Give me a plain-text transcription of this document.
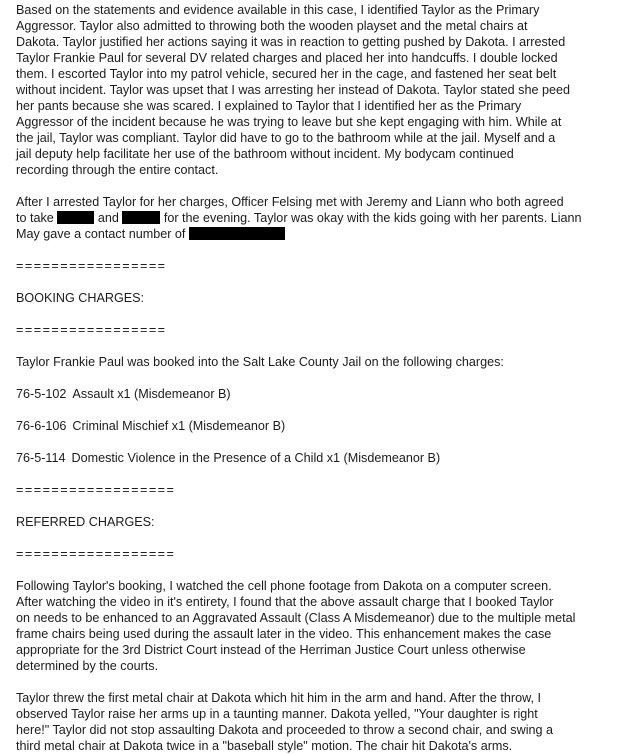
Based on the statements and evidence available in this case, I identified Taylor as the Primary
Aggressor. Taylor also admitted to throwing both the wooden playset and the metal chairs at
Dakota. Taylor justified her actions saying it was in reaction to getting pushed by Dakota. I arrested
Taylor Frankie Paul for several DV related charges and placed her into handcuffs. I double locked
them. I escorted Taylor into my patrol vehicle, secured her in the cage, and fastened her seat belt
without incident. Taylor was upset that I was arresting her instead of Dakota. Taylor stated she peed
her pants because she was scared. I explained to Taylor that I identified her as the Primary
Aggressor of the incident because he was trying to leave but she kept engaging with him. While at
the jail, Taylor was compliant. Taylor did have to go to the bathroom while at the jail. Myself and a
jail deputy help facilitate her use of the bathroom without incident. My bodycam continued
recording through the entire contact.
After I arrested Taylor for her charges, Officer Felsing met with Jeremy and Liann who both agreed
to take	and	for the evening. Taylor was okay with the kids going with her parents. Liann
May gave a contact number of
=================
BOOKING CHARGES:
=================
Taylor Frankie Paul was booked into the Salt Lake County Jail on the following charges:
76-5-102 Assault x1 (Misdemeanor B)
76-6-106 Criminal Mischief x1 (Misdemeanor B)
76-5-114 Domestic Violence in the Presence of a Child x1 (Misdemeanor B)
==================
REFERRED CHARGES:
==================
Following Taylor's booking, I watched the cell phone footage from Dakota on a computer screen.
After watching the video in it's entirety, I found that the above assault charge that I booked Taylor
on needs to be enhanced to an Aggravated Assault (Class A Misdemeanor) due to the multiple metal
frame chairs being used during the assault later in the video. This enhancement makes the case
appropriate for the 3rd District Court instead of the Herriman Justice Court unless otherwise
determined by the courts.
Taylor threw the first metal chair at Dakota which hit him in the arm and hand. After the throw, I
observed Taylor raise her arms up in a taunting manner. Dakota yelled, "Your daughter is right
here!" Taylor did not stop assaulting Dakota and proceeded to throw a second chair, and swing a
third metal chair at Dakota twice in a "baseball style" motion. The chair hit Dakota's arms.
